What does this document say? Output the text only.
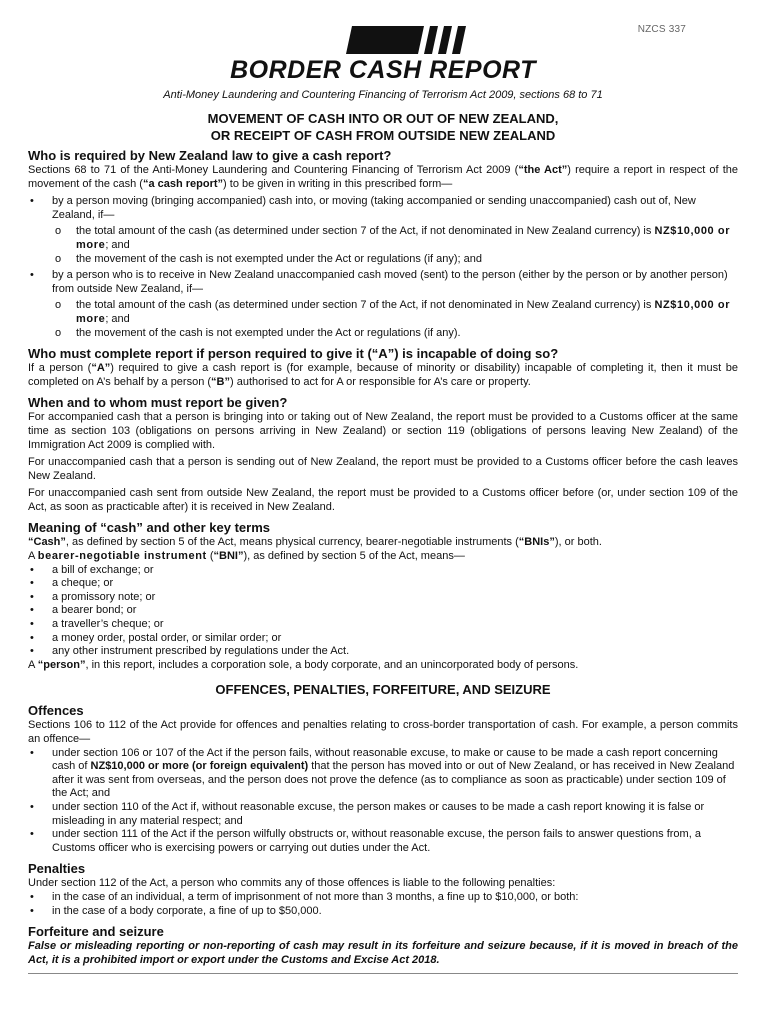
NZCS 337
BORDER CASH REPORT
Anti-Money Laundering and Countering Financing of Terrorism Act 2009, sections 68 to 71
MOVEMENT OF CASH INTO OR OUT OF NEW ZEALAND,
OR RECEIPT OF CASH FROM OUTSIDE NEW ZEALAND
Who is required by New Zealand law to give a cash report?

Sections 68 to 71 of the Anti-Money Laundering and Countering Financing of Terrorism Act 2009 (“the Act”) require a report in respect of the movement of the cash (“a cash report”) to be given in writing in this prescribed form—

• by a person moving (bringing accompanied) cash into, or moving (taking accompanied or sending unaccompanied) cash out of, New Zealand, if—
o the total amount of the cash (as determined under section 7 of the Act, if not denominated in New Zealand currency) is NZ$10,000 or more; and
o the movement of the cash is not exempted under the Act or regulations (if any); and
• by a person who is to receive in New Zealand unaccompanied cash moved (sent) to the person (either by the person or by another person) from outside New Zealand, if—
o the total amount of the cash (as determined under section 7 of the Act, if not denominated in New Zealand currency) is NZ$10,000 or more; and
o the movement of the cash is not exempted under the Act or regulations (if any).
Who must complete report if person required to give it (“A”) is incapable of doing so?

If a person (“A”) required to give a cash report is (for example, because of minority or disability) incapable of completing it, then it must be completed on A’s behalf by a person (“B”) authorised to act for A or responsible for A’s care or property.

When and to whom must report be given?

For accompanied cash that a person is bringing into or taking out of New Zealand, the report must be provided to a Customs officer at the same time as section 103 (obligations on persons arriving in New Zealand) or section 119 (obligations of persons leaving New Zealand) of the Immigration Act 2009 is complied with.

For unaccompanied cash that a person is sending out of New Zealand, the report must be provided to a Customs officer before the cash leaves New Zealand.

For unaccompanied cash sent from outside New Zealand, the report must be provided to a Customs officer before (or, under section 109 of the Act, as soon as practicable after) it is received in New Zealand.

Meaning of “cash” and other key terms

“Cash”, as defined by section 5 of the Act, means physical currency, bearer-negotiable instruments (“BNIs”), or both.

A bearer-negotiable instrument (“BNI”), as defined by section 5 of the Act, means—

• a bill of exchange; or
• a cheque; or
• a promissory note; or
• a bearer bond; or
• a traveller’s cheque; or
• a money order, postal order, or similar order; or
• any other instrument prescribed by regulations under the Act.

A “person”, in this report, includes a corporation sole, a body corporate, and an unincorporated body of persons.

OFFENCES, PENALTIES, FORFEITURE, AND SEIZURE
Offences

Sections 106 to 112 of the Act provide for offences and penalties relating to cross-border transportation of cash. For example, a person commits an offence—

• under section 106 or 107 of the Act if the person fails, without reasonable excuse, to make or cause to be made a cash report concerning cash of NZ$10,000 or more (or foreign equivalent) that the person has moved into or out of New Zealand, or has received in New Zealand after it was sent from overseas, and the person does not prove the defence (as to compliance as soon as practicable) under section 109 of the Act; and
• under section 110 of the Act if, without reasonable excuse, the person makes or causes to be made a cash report knowing it is false or misleading in any material respect; and
• under section 111 of the Act if the person wilfully obstructs or, without reasonable excuse, the person fails to answer questions from, a Customs officer who is exercising powers or carrying out duties under the Act.
Penalties

Under section 112 of the Act, a person who commits any of those offences is liable to the following penalties:

• in the case of an individual, a term of imprisonment of not more than 3 months, a fine up to $10,000, or both:
• in the case of a body corporate, a fine of up to $50,000.
Forfeiture and seizure

False or misleading reporting or non-reporting of cash may result in its forfeiture and seizure because, if it is moved in breach of the Act, it is a prohibited import or export under the Customs and Excise Act 2018.
